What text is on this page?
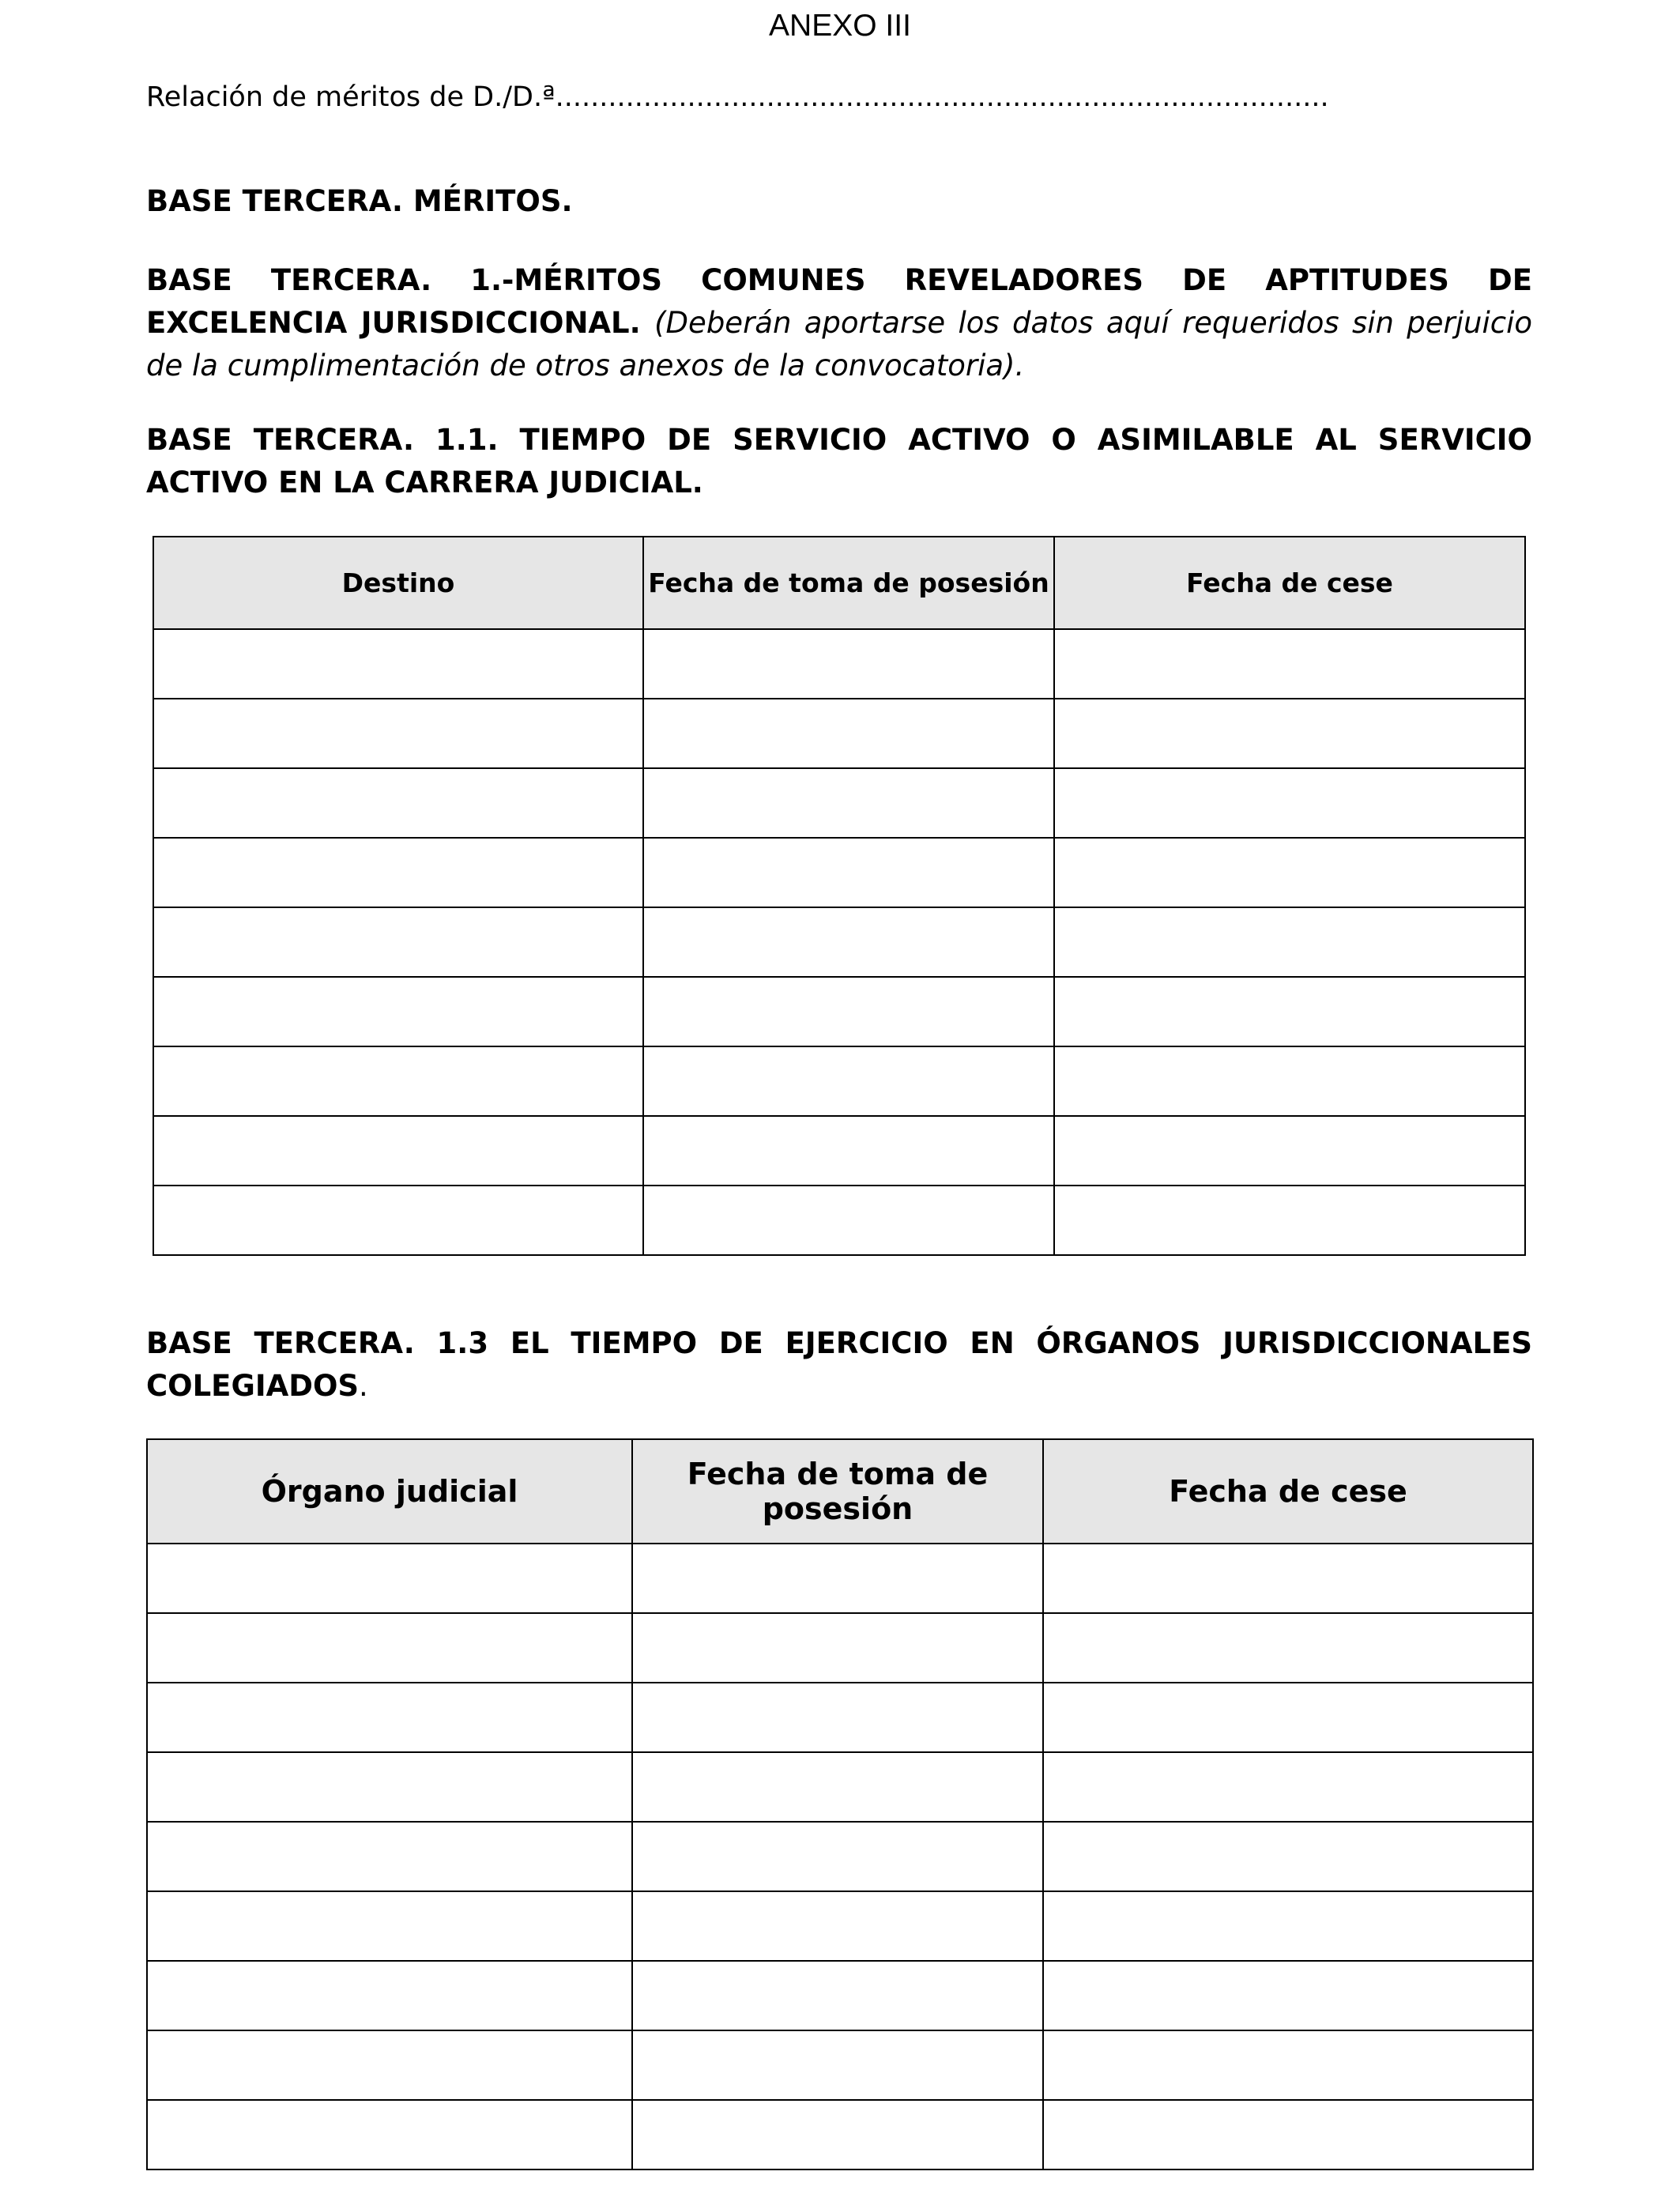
ANEXO III
Relación de méritos de D./D.ª........................................................................................
BASE TERCERA. MÉRITOS.
BASE TERCERA. 1.-MÉRITOS COMUNES REVELADORES DE APTITUDES DE
EXCELENCIA JURISDICCIONAL. (Deberán aportarse los datos aquí requeridos sin perjuicio de la cumplimentación de otros anexos de la convocatoria).
BASE TERCERA. 1.1. TIEMPO DE SERVICIO ACTIVO O ASIMILABLE AL SERVICIO ACTIVO EN LA CARRERA JUDICIAL.
Destino	Fecha de toma de posesión	Fecha de cese

BASE TERCERA. 1.3 EL TIEMPO DE EJERCICIO EN ÓRGANOS JURISDICCIONALES COLEGIADOS.
Órgano judicial	Fecha de toma de posesión	Fecha de cese
